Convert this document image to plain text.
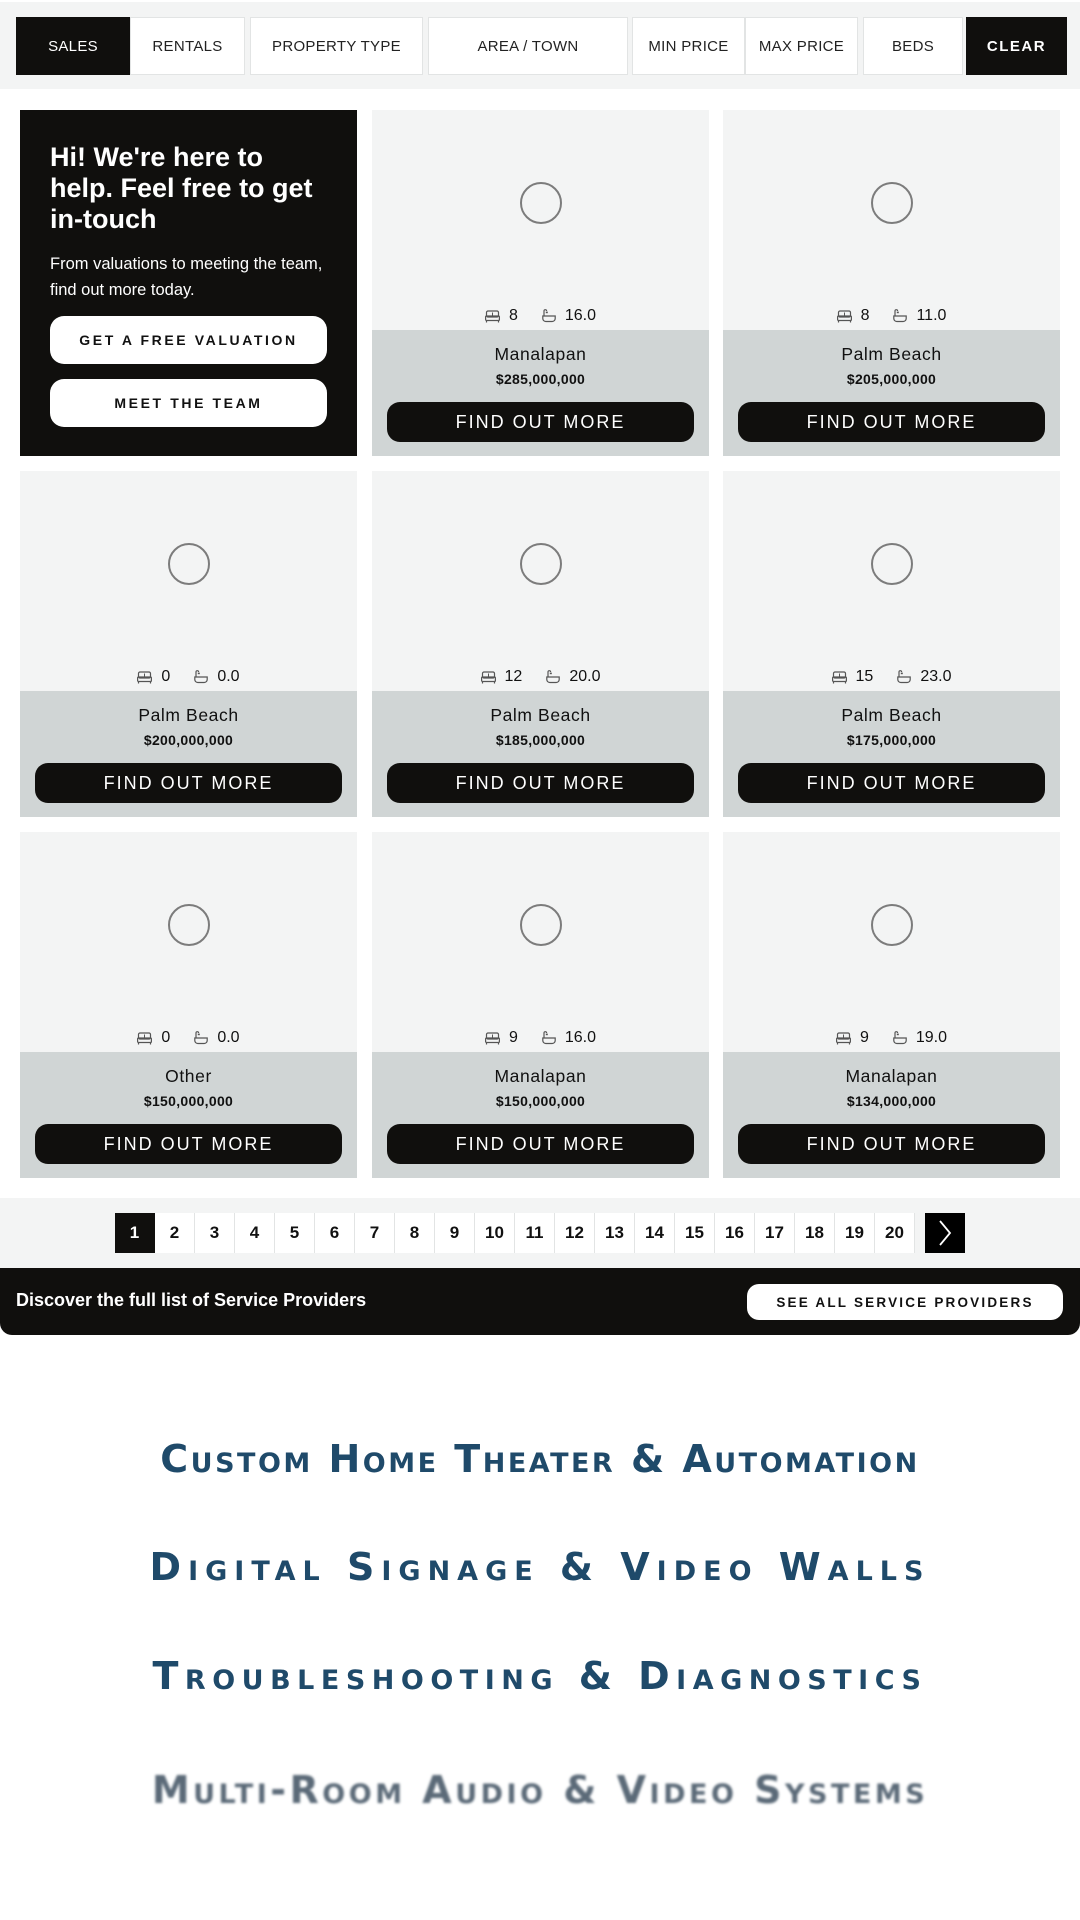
SALES	RENTALS	PROPERTY TYPE	AREA / TOWN	MIN PRICE	MAX PRICE	BEDS	CLEAR
Hi! We're here to help. Feel free to get in-touch

From valuations to meeting the team, find out more today.

GET A FREE VALUATION
MEET THE TEAM
8	16.0
Manalapan
$285,000,000
FIND OUT MORE
8	11.0
Palm Beach
$205,000,000
FIND OUT MORE
0	0.0
Palm Beach
$200,000,000
FIND OUT MORE
12	20.0
Palm Beach
$185,000,000
FIND OUT MORE
15	23.0
Palm Beach
$175,000,000
FIND OUT MORE
0	0.0
Other
$150,000,000
FIND OUT MORE
9	16.0
Manalapan
$150,000,000
FIND OUT MORE
9	19.0
Manalapan
$134,000,000
FIND OUT MORE
1	2	3	4	5	6	7	8	9	10	11	12	13	14	15	16	17	18	19	20
Discover the full list of Service Providers	SEE ALL SERVICE PROVIDERS
Custom Home Theater & Automation
Digital Signage & Video Walls
Troubleshooting & Diagnostics
Multi-Room Audio & Video Systems
